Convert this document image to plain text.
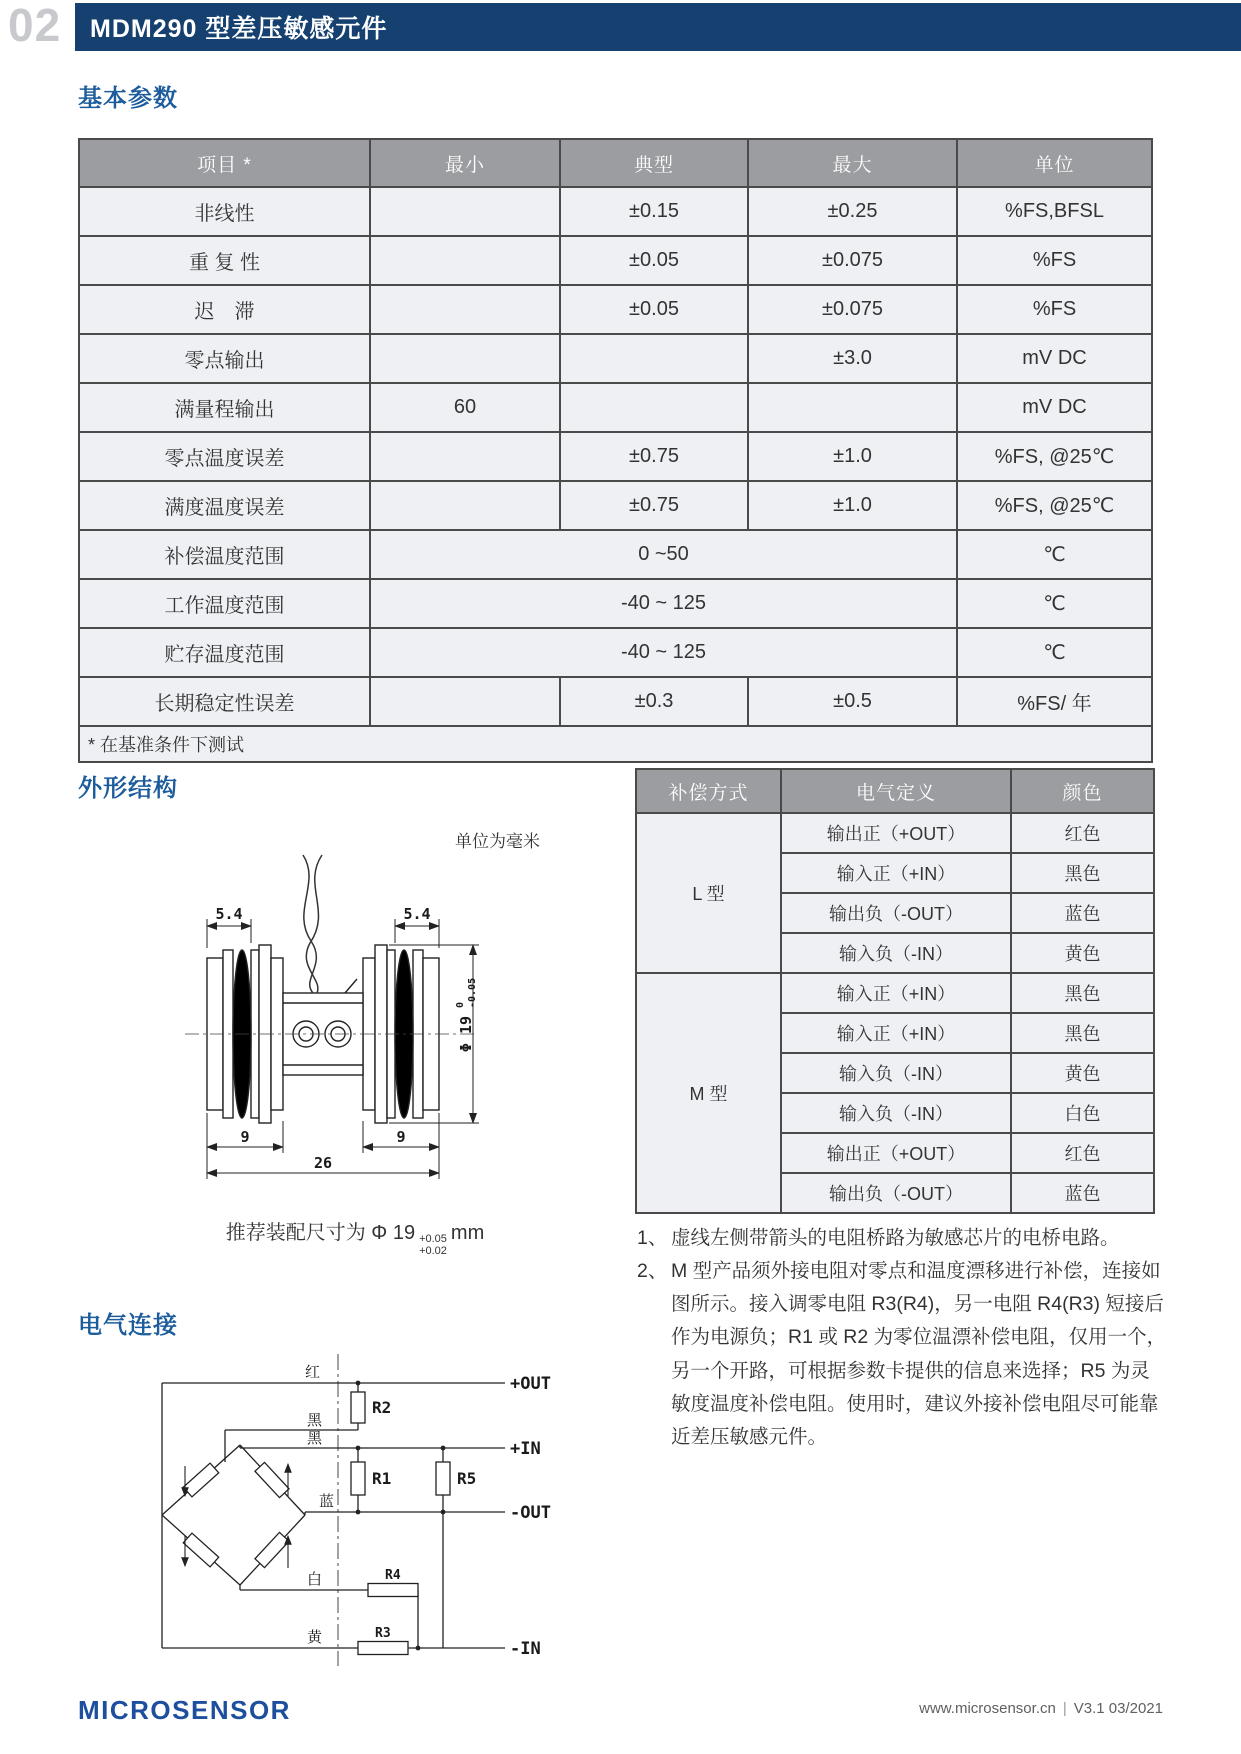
02	MDM290 型差压敏感元件
基本参数
项目 *	最小	典型	最大	单位
非线性		±0.15	±0.25	%FS,BFSL
重 复 性		±0.05	±0.075	%FS
迟　滞		±0.05	±0.075	%FS
零点输出			±3.0	mV DC
满量程输出	60			mV DC
零点温度误差		±0.75	±1.0	%FS, @25℃
满度温度误差		±0.75	±1.0	%FS, @25℃
补偿温度范围	0 ~50			℃
工作温度范围	-40 ~ 125			℃
贮存温度范围	-40 ~ 125			℃
长期稳定性误差		±0.3	±0.5	%FS/ 年
* 在基准条件下测试				
外形结构
单位为毫米
5.4	5.4
9	9
26
Φ 19
0 -0.05
推荐装配尺寸为 Φ 19 +0.05
+0.02
mm
补偿方式	电气定义	颜色
L 型	输出正（+OUT）	红色
	输入正（+IN）	黑色
	输出负（-OUT）	蓝色
	输入负（-IN）	黄色
M 型	输入正（+IN）	黑色
	输入正（+IN）	黑色
	输入负（-IN）	黄色
	输入负（-IN）	白色
	输出正（+OUT）	红色
	输出负（-OUT）	蓝色
1、 虚线左侧带箭头的电阻桥路为敏感芯片的电桥电路。
2、 M 型产品须外接电阻对零点和温度漂移进行补偿，连接如图所示。接入调零电阻 R3(R4)，另一电阻 R4(R3) 短接后作为电源负；R1 或 R2 为零位温漂补偿电阻，仅用一个，另一个开路，可根据参数卡提供的信息来选择；R5 为灵敏度温度补偿电阻。使用时，建议外接补偿电阻尽可能靠近差压敏感元件。
电气连接
红
黑
黑
蓝
白
黄
R2
R1	R5
R4
R3
+OUT
+IN
-OUT
-IN
MICROSENSOR	www.microsensor.cn | V3.1 03/2021
